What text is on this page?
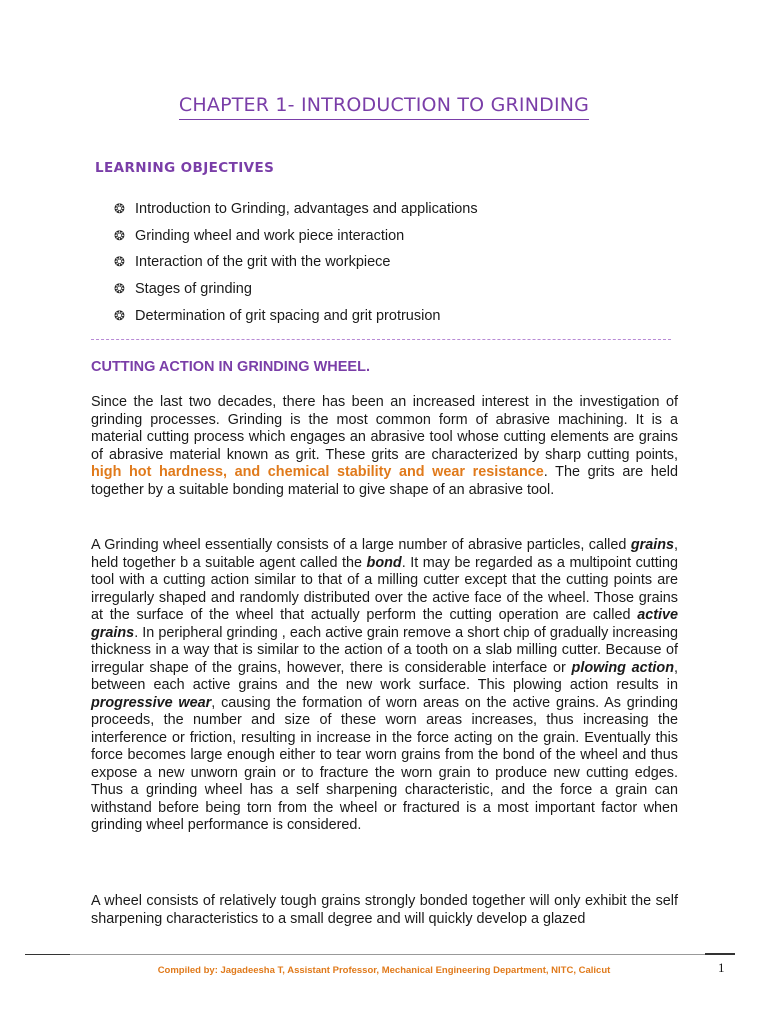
CHAPTER 1- INTRODUCTION TO GRINDING
LEARNING OBJECTIVES
❂ Introduction to Grinding, advantages and applications
❂ Grinding wheel and work piece interaction
❂ Interaction of the grit with the workpiece
❂ Stages of grinding
❂ Determination of grit spacing and grit protrusion
CUTTING ACTION IN GRINDING WHEEL.

Since the last two decades, there has been an increased interest in the investigation of grinding processes. Grinding is the most common form of abrasive machining. It is a material cutting process which engages an abrasive tool whose cutting elements are grains of abrasive material known as grit. These grits are characterized by sharp cutting points, high hot hardness, and chemical stability and wear resistance. The grits are held together by a suitable bonding material to give shape of an abrasive tool.

A Grinding wheel essentially consists of a large number of abrasive particles, called grains, held together b a suitable agent called the bond. It may be regarded as a multipoint cutting tool with a cutting action similar to that of a milling cutter except that the cutting points are irregularly shaped and randomly distributed over the active face of the wheel. Those grains at the surface of the wheel that actually perform the cutting operation are called active grains. In peripheral grinding , each active grain remove a short chip of gradually increasing thickness in a way that is similar to the action of a tooth on a slab milling cutter. Because of irregular shape of the grains, however, there is considerable interface or plowing action, between each active grains and the new work surface. This plowing action results in progressive wear, causing the formation of worn areas on the active grains. As grinding proceeds, the number and size of these worn areas increases, thus increasing the interference or friction, resulting in increase in the force acting on the grain. Eventually this force becomes large enough either to tear worn grains from the bond of the wheel and thus expose a new unworn grain or to fracture the worn grain to produce new cutting edges. Thus a grinding wheel has a self sharpening characteristic, and the force a grain can withstand before being torn from the wheel or fractured is a most important factor when grinding wheel performance is considered.

A wheel consists of relatively tough grains strongly bonded together will only exhibit the self sharpening characteristics to a small degree and will quickly develop a glazed

Compiled by: Jagadeesha T, Assistant Professor, Mechanical Engineering Department, NITC, Calicut	1
